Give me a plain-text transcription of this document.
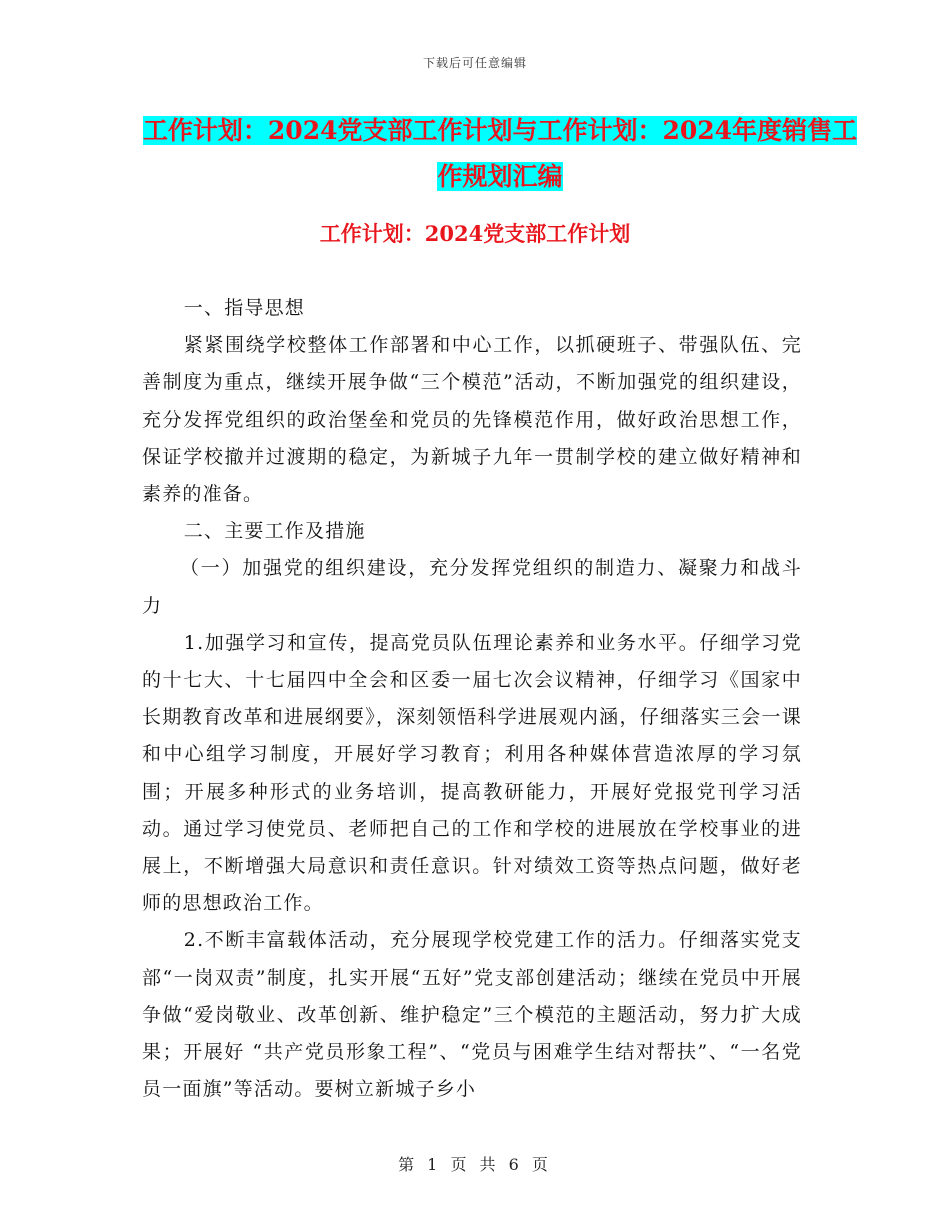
下载后可任意编辑
工作计划：2024党支部工作计划与工作计划：2024年度销售工作规划汇编
工作计划：2024党支部工作计划

一、指导思想

紧紧围绕学校整体工作部署和中心工作，以抓硬班子、带强队伍、完善制度为重点，继续开展争做“三个模范”活动，不断加强党的组织建设，充分发挥党组织的政治堡垒和党员的先锋模范作用，做好政治思想工作，保证学校撤并过渡期的稳定，为新城子九年一贯制学校的建立做好精神和素养的准备。

二、主要工作及措施

（一）加强党的组织建设，充分发挥党组织的制造力、凝聚力和战斗力

1.加强学习和宣传，提高党员队伍理论素养和业务水平。仔细学习党的十七大、十七届四中全会和区委一届七次会议精神，仔细学习《国家中长期教育改革和进展纲要》，深刻领悟科学进展观内涵，仔细落实三会一课和中心组学习制度，开展好学习教育；利用各种媒体营造浓厚的学习氛围；开展多种形式的业务培训，提高教研能力，开展好党报党刊学习活动。通过学习使党员、老师把自己的工作和学校的进展放在学校事业的进展上，不断增强大局意识和责任意识。针对绩效工资等热点问题，做好老师的思想政治工作。

2.不断丰富载体活动，充分展现学校党建工作的活力。仔细落实党支部“一岗双责”制度，扎实开展“五好”党支部创建活动；继续在党员中开展争做“爱岗敬业、改革创新、维护稳定”三个模范的主题活动，努力扩大成果；开展好 “共产党员形象工程”、“党员与困难学生结对帮扶”、“一名党员一面旗”等活动。要树立新城子乡小

第 1 页 共 6 页
